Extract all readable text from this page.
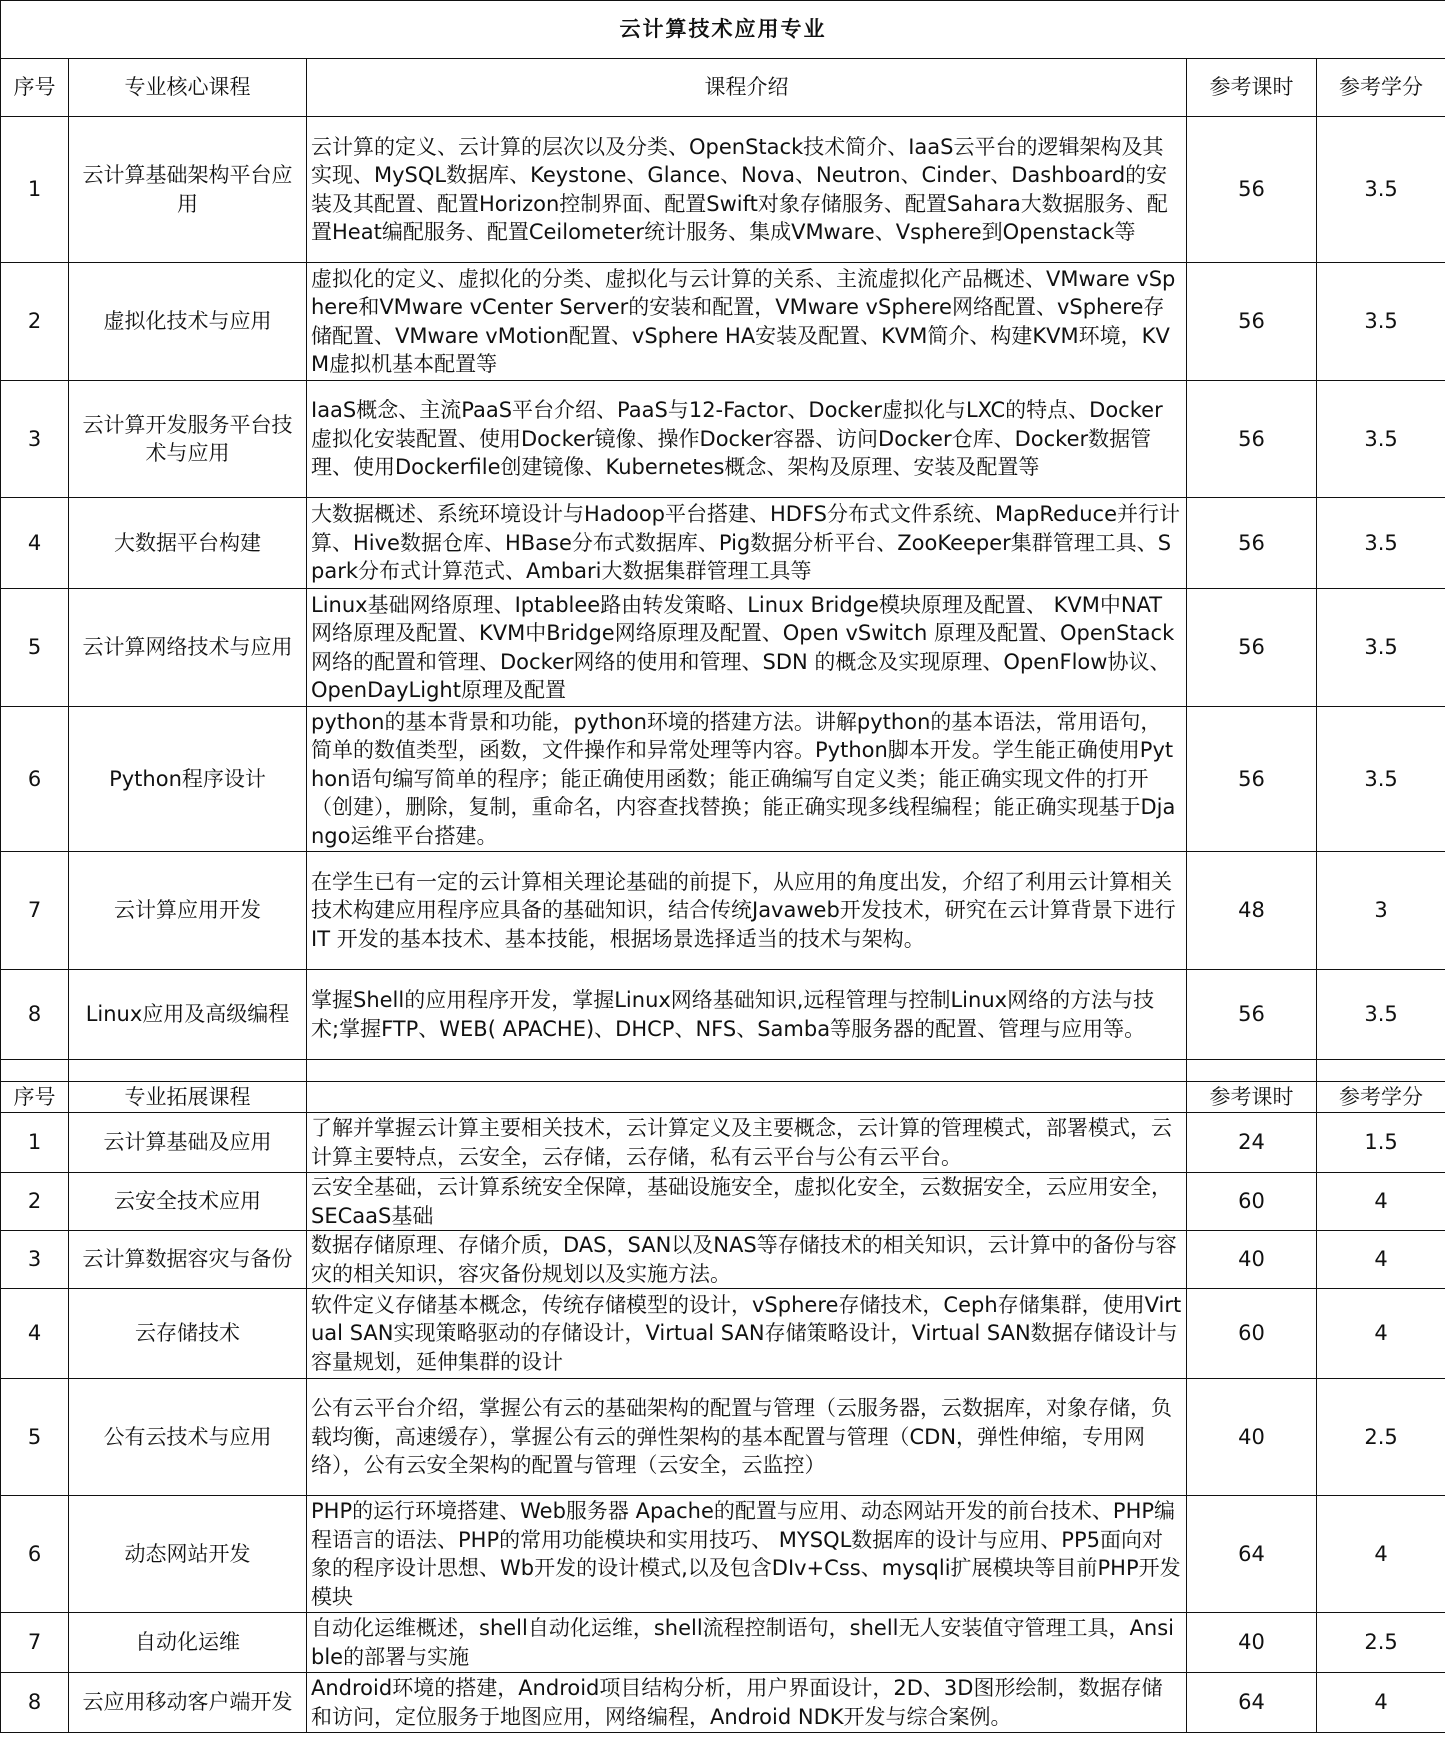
云计算技术应用专业				
序号	专业核心课程	课程介绍	参考课时	参考学分
1	云计算基础架构平台应用	云计算的定义、云计算的层次以及分类、OpenStack技术简介、IaaS云平台的逻辑架构及其实现、MySQL数据库、Keystone、Glance、Nova、Neutron、Cinder、Dashboard的安装及其配置、配置Horizon控制界面、配置Swift对象存储服务、配置Sahara大数据服务、配置Heat编配服务、配置Ceilometer统计服务、集成VMware、Vsphere到Openstack等	56	3.5
2	虚拟化技术与应用	虚拟化的定义、虚拟化的分类、虚拟化与云计算的关系、主流虚拟化产品概述、VMware vSphere和VMware vCenter Server的安装和配置，VMware vSphere网络配置、vSphere存储配置、VMware vMotion配置、vSphere HA安装及配置、KVM简介、构建KVM环境，KVM虚拟机基本配置等	56	3.5
3	云计算开发服务平台技术与应用	IaaS概念、主流PaaS平台介绍、PaaS与12-Factor、Docker虚拟化与LXC的特点、Docker虚拟化安装配置、使用Docker镜像、操作Docker容器、访问Docker仓库、Docker数据管理、使用Dockerfile创建镜像、Kubernetes概念、架构及原理、安装及配置等	56	3.5
4	大数据平台构建	大数据概述、系统环境设计与Hadoop平台搭建、HDFS分布式文件系统、MapReduce并行计算、Hive数据仓库、HBase分布式数据库、Pig数据分析平台、ZooKeeper集群管理工具、Spark分布式计算范式、Ambari大数据集群管理工具等	56	3.5
5	云计算网络技术与应用	Linux基础网络原理、Iptablee路由转发策略、Linux Bridge模块原理及配置、 KVM中NAT网络原理及配置、KVM中Bridge网络原理及配置、Open vSwitch 原理及配置、OpenStack网络的配置和管理、Docker网络的使用和管理、SDN 的概念及实现原理、OpenFlow协议、OpenDayLight原理及配置	56	3.5
6	Python程序设计	python的基本背景和功能，python环境的搭建方法。讲解python的基本语法，常用语句，简单的数值类型，函数，文件操作和异常处理等内容。Python脚本开发。学生能正确使用Python语句编写简单的程序；能正确使用函数；能正确编写自定义类；能正确实现文件的打开（创建），删除，复制，重命名，内容查找替换；能正确实现多线程编程；能正确实现基于Django运维平台搭建。	56	3.5
7	云计算应用开发	在学生已有一定的云计算相关理论基础的前提下，从应用的角度出发，介绍了利用云计算相关技术构建应用程序应具备的基础知识，结合传统Javaweb开发技术，研究在云计算背景下进行 IT 开发的基本技术、基本技能，根据场景选择适当的技术与架构。	48	3
8	Linux应用及高级编程	掌握Shell的应用程序开发，掌握Linux网络基础知识,远程管理与控制Linux网络的方法与技术;掌握FTP、WEB( APACHE)、DHCP、NFS、Samba等服务器的配置、管理与应用等。	56	3.5

序号	专业拓展课程		参考课时	参考学分
1	云计算基础及应用	了解并掌握云计算主要相关技术，云计算定义及主要概念，云计算的管理模式，部署模式，云计算主要特点，云安全，云存储，云存储，私有云平台与公有云平台。	24	1.5
2	云安全技术应用	云安全基础，云计算系统安全保障，基础设施安全，虚拟化安全，云数据安全，云应用安全，SECaaS基础	60	4
3	云计算数据容灾与备份	数据存储原理、存储介质，DAS，SAN以及NAS等存储技术的相关知识，云计算中的备份与容灾的相关知识，容灾备份规划以及实施方法。	40	4
4	云存储技术	软件定义存储基本概念，传统存储模型的设计，vSphere存储技术，Ceph存储集群，使用Virtual SAN实现策略驱动的存储设计，Virtual SAN存储策略设计，Virtual SAN数据存储设计与容量规划，延伸集群的设计	60	4
5	公有云技术与应用	公有云平台介绍，掌握公有云的基础架构的配置与管理（云服务器，云数据库，对象存储，负载均衡，高速缓存），掌握公有云的弹性架构的基本配置与管理（CDN，弹性伸缩，专用网络），公有云安全架构的配置与管理（云安全，云监控）	40	2.5
6	动态网站开发	PHP的运行环境搭建、Web服务器 Apache的配置与应用、动态网站开发的前台技术、PHP编程语言的语法、PHP的常用功能模块和实用技巧、 MYSQL数据库的设计与应用、PP5面向对象的程序设计思想、Wb开发的设计模式,以及包含DIv+Css、mysqli扩展模块等目前PHP开发模块	64	4
7	自动化运维	自动化运维概述，shell自动化运维，shell流程控制语句，shell无人安装值守管理工具，Ansible的部署与实施	40	2.5
8	云应用移动客户端开发	Android环境的搭建，Android项目结构分析，用户界面设计，2D、3D图形绘制，数据存储和访问，定位服务于地图应用，网络编程，Android NDK开发与综合案例。	64	4
